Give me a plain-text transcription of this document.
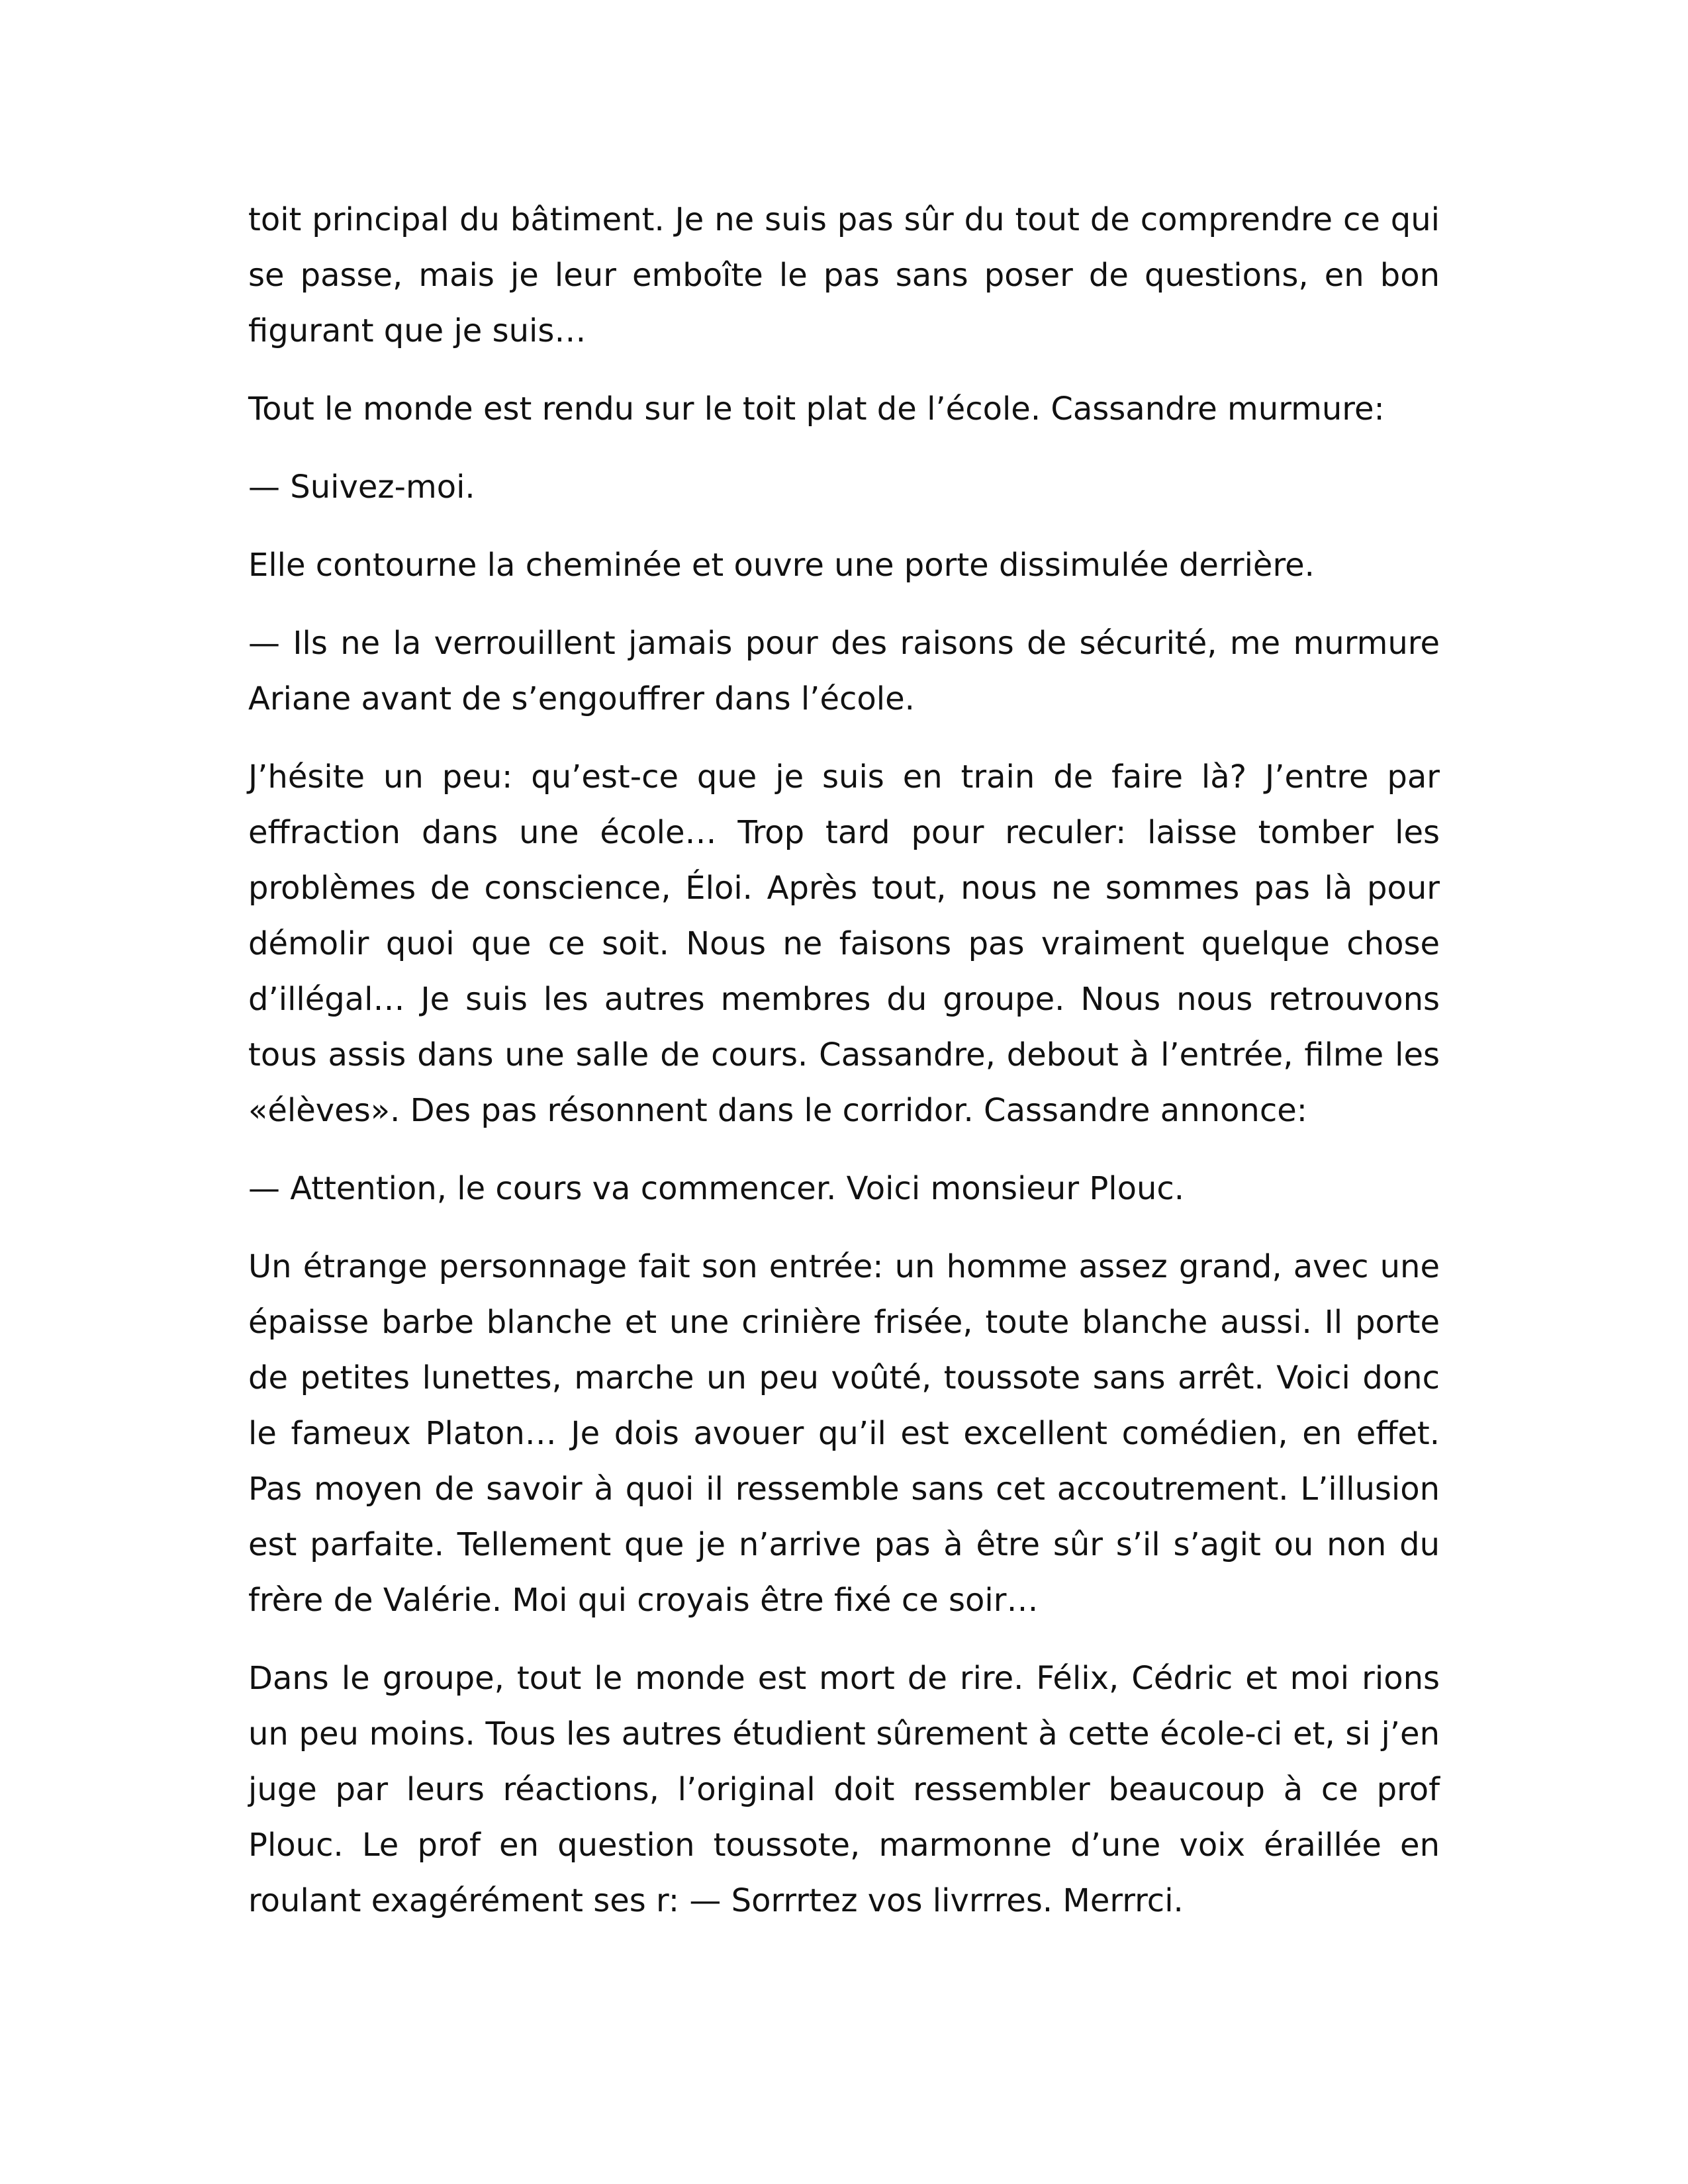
toit principal du bâtiment. Je ne suis pas sûr du tout de comprendre ce qui se passe, mais je leur emboîte le pas sans poser de questions, en bon figurant que je suis…

Tout le monde est rendu sur le toit plat de l’école. Cassandre murmure:

— Suivez-moi.

Elle contourne la cheminée et ouvre une porte dissimulée derrière.

— Ils ne la verrouillent jamais pour des raisons de sécurité, me murmure Ariane avant de s’engouffrer dans l’école.

J’hésite un peu: qu’est-ce que je suis en train de faire là? J’entre par effraction dans une école… Trop tard pour reculer: laisse tomber les problèmes de conscience, Éloi. Après tout, nous ne sommes pas là pour démolir quoi que ce soit. Nous ne faisons pas vraiment quelque chose d’illégal… Je suis les autres membres du groupe. Nous nous retrouvons tous assis dans une salle de cours. Cassandre, debout à l’entrée, filme les «élèves». Des pas résonnent dans le corridor. Cassandre annonce:

— Attention, le cours va commencer. Voici monsieur Plouc.

Un étrange personnage fait son entrée: un homme assez grand, avec une épaisse barbe blanche et une crinière frisée, toute blanche aussi. Il porte de petites lunettes, marche un peu voûté, toussote sans arrêt. Voici donc le fameux Platon… Je dois avouer qu’il est excellent comédien, en effet. Pas moyen de savoir à quoi il ressemble sans cet accoutrement. L’illusion est parfaite. Tellement que je n’arrive pas à être sûr s’il s’agit ou non du frère de Valérie. Moi qui croyais être fixé ce soir…

Dans le groupe, tout le monde est mort de rire. Félix, Cédric et moi rions un peu moins. Tous les autres étudient sûrement à cette école-ci et, si j’en juge par leurs réactions, l’original doit ressembler beaucoup à ce prof Plouc. Le prof en question toussote, marmonne d’une voix éraillée en roulant exagérément ses r: — Sorrrtez vos livrrres. Merrrci.
